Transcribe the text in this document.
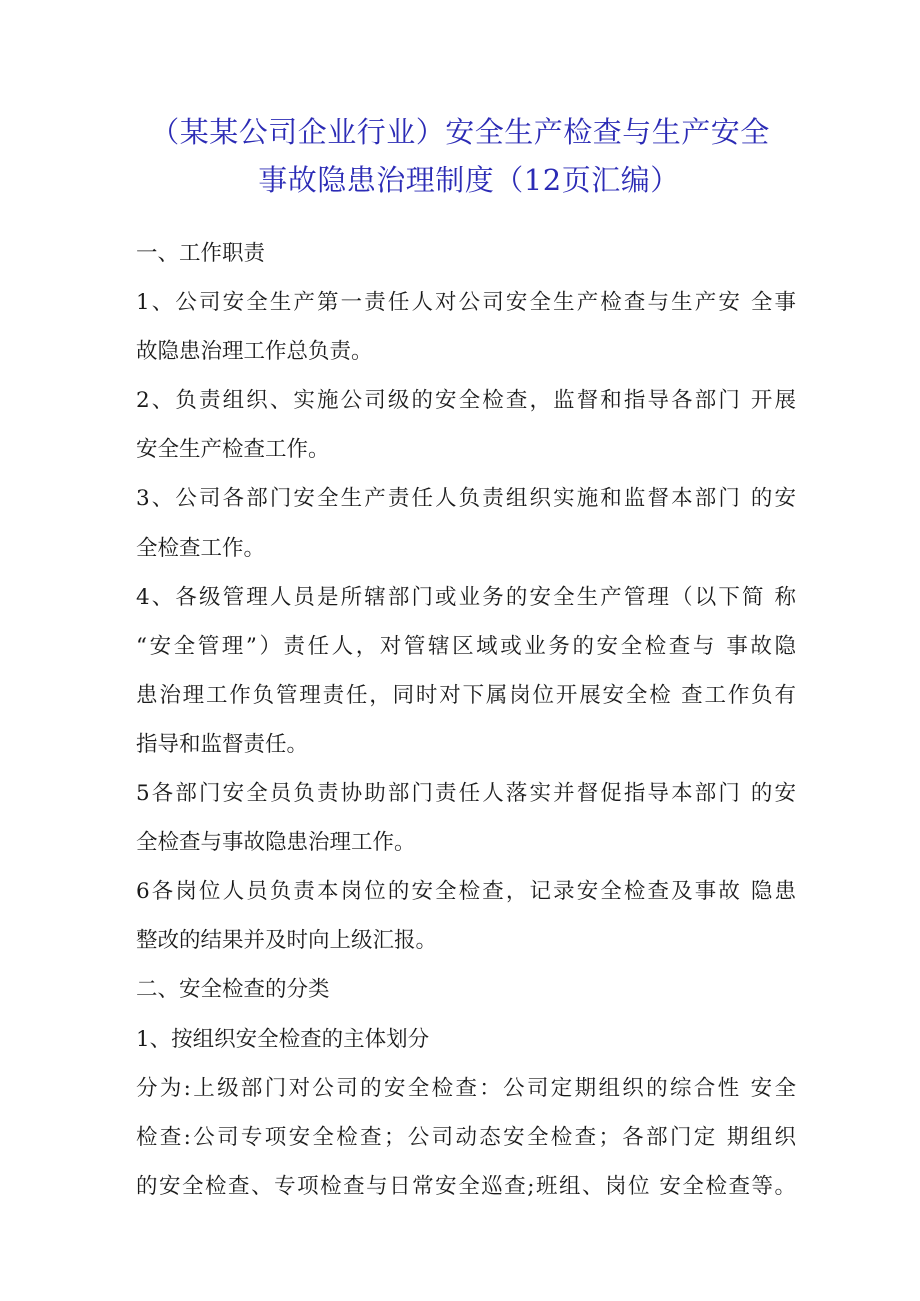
（某某公司企业行业）安全生产检查与生产安全
事故隐患治理制度（12页汇编）
一、工作职责
1、公司安全生产第一责任人对公司安全生产检查与生产安 全事
故隐患治理工作总负责。
2、负责组织、实施公司级的安全检查，监督和指导各部门 开展
安全生产检查工作。
3、公司各部门安全生产责任人负责组织实施和监督本部门 的安
全检查工作。
4、各级管理人员是所辖部门或业务的安全生产管理（以下简 称
“安全管理”）责任人，对管辖区域或业务的安全检查与 事故隐
患治理工作负管理责任，同时对下属岗位开展安全检 查工作负有
指导和监督责任。
5各部门安全员负责协助部门责任人落实并督促指导本部门 的安
全检查与事故隐患治理工作。
6各岗位人员负责本岗位的安全检查，记录安全检查及事故 隐患
整改的结果并及时向上级汇报。
二、安全检查的分类
1、按组织安全检查的主体划分
分为:上级部门对公司的安全检查：公司定期组织的综合性 安全
检查:公司专项安全检查；公司动态安全检查；各部门定 期组织
的安全检查、专项检查与日常安全巡查;班组、岗位 安全检查等。
